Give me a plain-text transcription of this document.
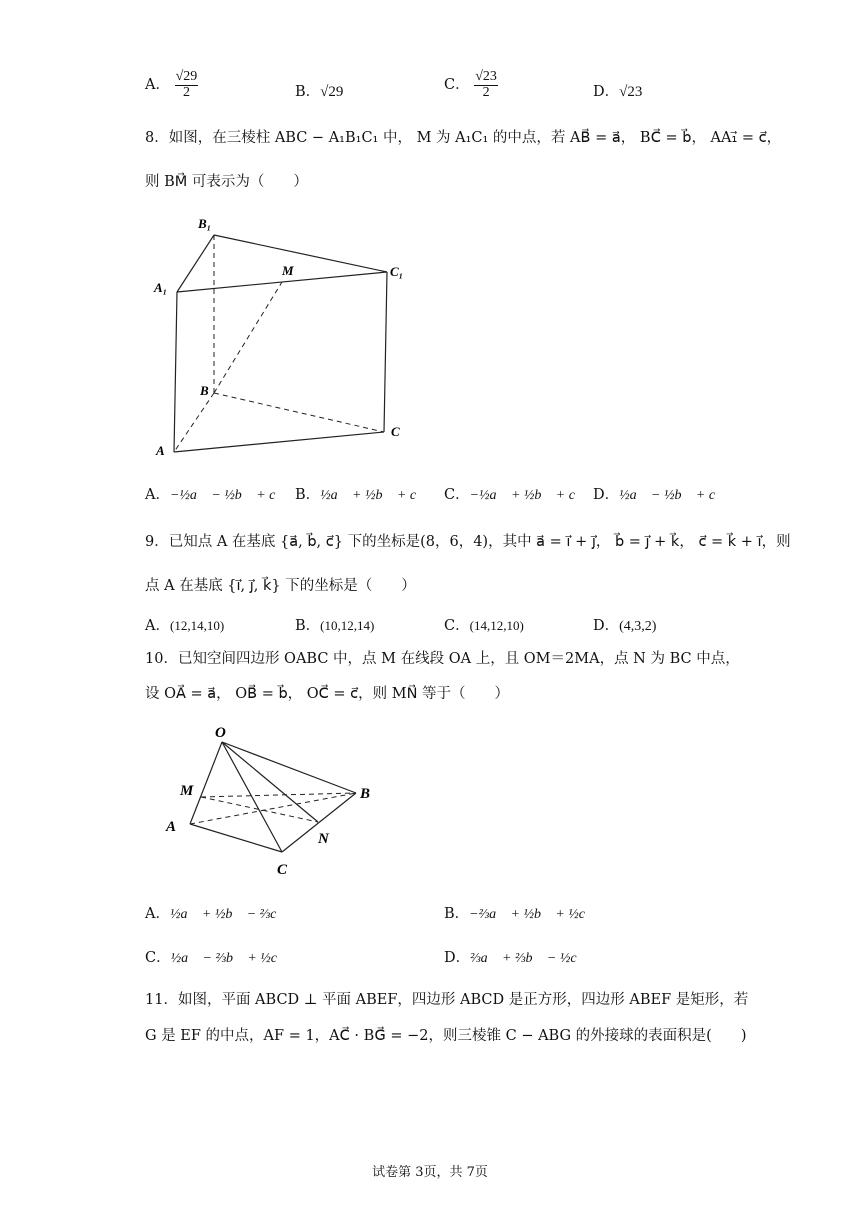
A． $\frac{√29}{2}$	B．√29	C． $\frac{√23}{2}$	D．√23
8．如图，在三棱柱 ABC − A₁B₁C₁ 中， M 为 A₁C₁ 的中点，若 AB⃗ = a⃗， BC⃗ = b⃗， AA₁⃗ = c⃗，
则 BM⃗ 可表示为（　　）
B₁
A₁
C₁
M
B
A
C
A．−½a⃗ − ½b⃗ + c⃗ B．½a⃗ + ½b⃗ + c⃗ C．−½a⃗ + ½b⃗ + c⃗ D．½a⃗ − ½b⃗ + c⃗
9．已知点 A 在基底 {a⃗, b⃗, c⃗} 下的坐标是(8，6，4)，其中 a⃗ = i⃗ + j⃗， b⃗ = j⃗ + k⃗， c⃗ = k⃗ + i⃗，则
点 A 在基底 {i⃗, j⃗, k⃗} 下的坐标是（　　）
A．(12,14,10)	B．(10,12,14)	C．(14,12,10)	D．(4,3,2)
10．已知空间四边形 OABC 中，点 M 在线段 OA 上，且 OM＝2MA，点 N 为 BC 中点，
设 OA⃗ = a⃗， OB⃗ = b⃗， OC⃗ = c⃗，则 MN⃗ 等于（　　）
O
M
A
B
N
C
A．½a⃗ + ½b⃗ − ⅔c⃗	B．−⅔a⃗ + ½b⃗ + ½c⃗
C．½a⃗ − ⅔b⃗ + ½c⃗	D．⅔a⃗ + ⅔b⃗ − ½c⃗
11．如图，平面 ABCD ⊥ 平面 ABEF，四边形 ABCD 是正方形，四边形 ABEF 是矩形，若
G 是 EF 的中点，AF = 1，AC⃗ · BG⃗ = −2，则三棱锥 C − ABG 的外接球的表面积是(　　)
试卷第 3页，共 7页
